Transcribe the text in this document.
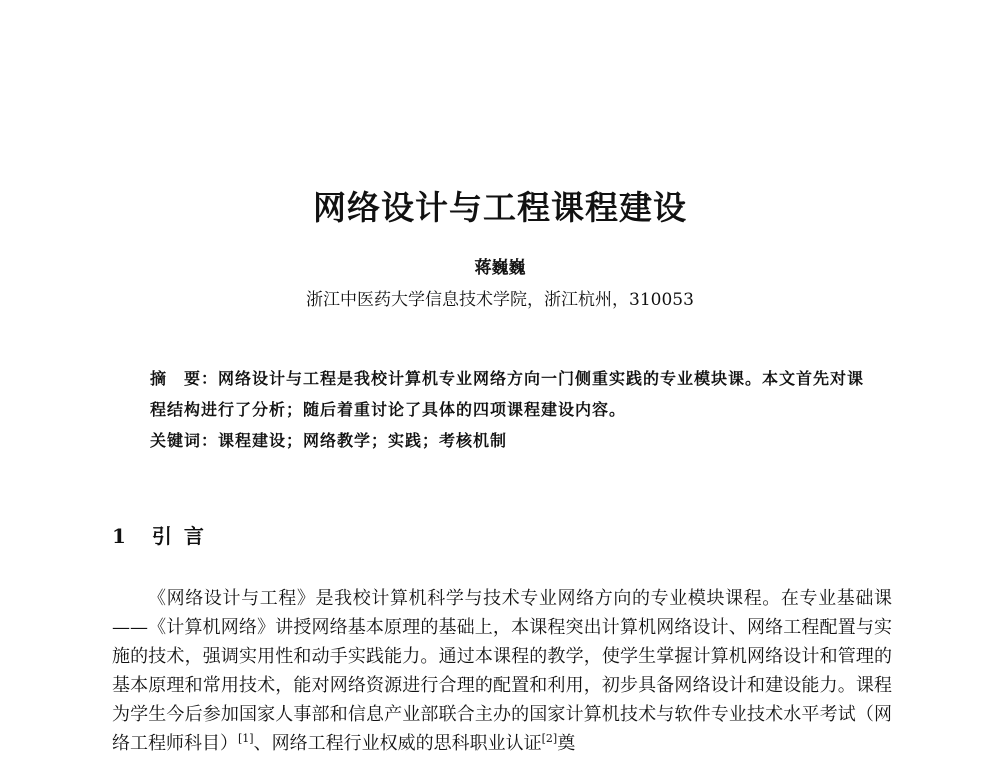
网络设计与工程课程建设
蒋巍巍
浙江中医药大学信息技术学院，浙江杭州，310053

摘　要：网络设计与工程是我校计算机专业网络方向一门侧重实践的专业模块课。本文首先对课程结构进行了分析；随后着重讨论了具体的四项课程建设内容。

关键词：课程建设；网络教学；实践；考核机制
1 引言

《网络设计与工程》是我校计算机科学与技术专业网络方向的专业模块课程。在专业基础课——《计算机网络》讲授网络基本原理的基础上，本课程突出计算机网络设计、网络工程配置与实施的技术，强调实用性和动手实践能力。通过本课程的教学，使学生掌握计算机网络设计和管理的基本原理和常用技术，能对网络资源进行合理的配置和利用，初步具备网络设计和建设能力。课程为学生今后参加国家人事部和信息产业部联合主办的国家计算机技术与软件专业技术水平考试（网络工程师科目）[1]、网络工程行业权威的思科职业认证[2]奠
